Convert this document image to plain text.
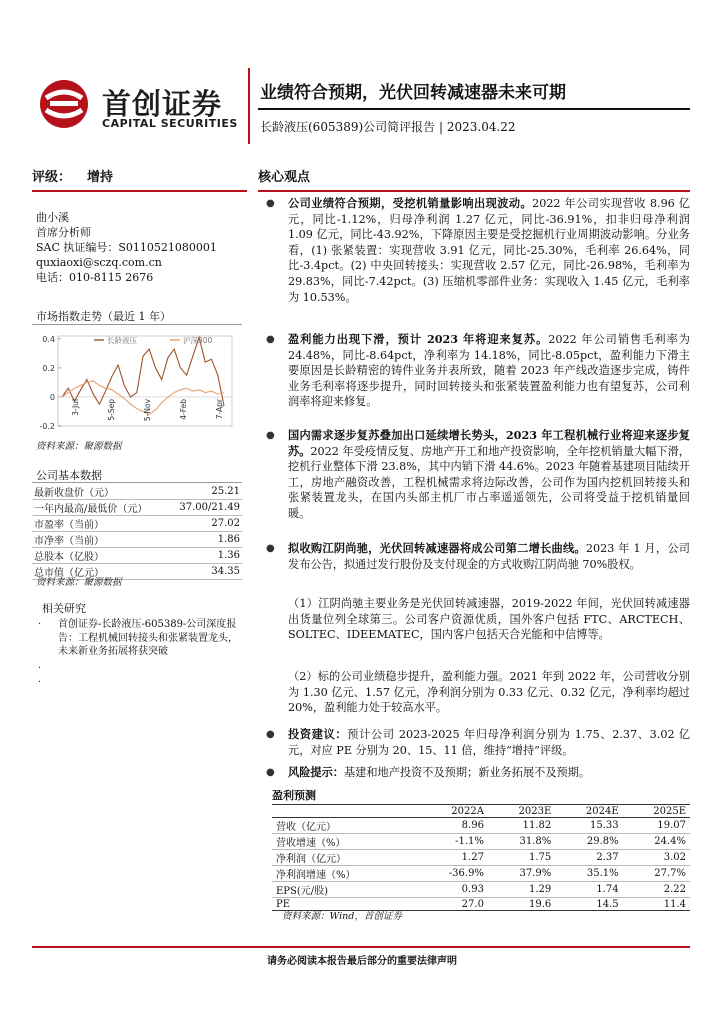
首创证券
CAPITAL SECURITIES
业绩符合预期，光伏回转减速器未来可期
长龄液压(605389)公司简评报告 | 2023.04.22
评级： 增持	核心观点
曲小溪
首席分析师
SAC 执证编号：S0110521080001
quxiaoxi@sczq.com.cn
电话：010-8115 2676
市场指数走势（最近 1 年）
0.4
0.2
0
-0.2
长龄液压	沪深300
3-Jul	5-Sep	5-Nov	4-Feb	7-Apr
资料来源：聚源数据
公司基本数据
最新收盘价（元）	25.21
一年内最高/最低价（元）	37.00/21.49
市盈率（当前）	27.02
市净率（当前）	1.86
总股本（亿股）	1.36
总市值（亿元）	34.35
资料来源：聚源数据
相关研究
· 首创证券-长龄液压-605389-公司深度报告：工程机械回转接头和张紧装置龙头，未来新业务拓展将获突破
·
·
● 公司业绩符合预期，受挖机销量影响出现波动。2022 年公司实现营收 8.96 亿元，同比-1.12%，归母净利润 1.27 亿元，同比-36.91%，扣非归母净利润 1.09 亿元，同比-43.92%，下降原因主要是受挖掘机行业周期波动影响。分业务看，(1) 张紧装置：实现营收 3.91 亿元，同比-25.30%，毛利率 26.64%，同比-3.4pct。(2) 中央回转接头：实现营收 2.57 亿元，同比-26.98%，毛利率为 29.83%，同比-7.42pct。(3) 压缩机零部件业务：实现收入 1.45 亿元，毛利率为 10.53%。
● 盈利能力出现下滑，预计 2023 年将迎来复苏。2022 年公司销售毛利率为 24.48%，同比-8.64pct，净利率为 14.18%，同比-8.05pct，盈利能力下滑主要原因是长龄精密的铸件业务并表所致，随着 2023 年产线改造逐步完成，铸件业务毛利率将逐步提升，同时回转接头和张紧装置盈利能力也有望复苏，公司利润率将迎来修复。
● 国内需求逐步复苏叠加出口延续增长势头，2023 年工程机械行业将迎来逐步复苏。2022 年受疫情反复、房地产开工和地产投资影响，全年挖机销量大幅下滑，挖机行业整体下滑 23.8%，其中内销下滑 44.6%。2023 年随着基建项目陆续开工，房地产融资改善，工程机械需求将边际改善，公司作为国内挖机回转接头和张紧装置龙头，在国内头部主机厂市占率遥遥领先，公司将受益于挖机销量回暖。
● 拟收购江阴尚驰，光伏回转减速器将成公司第二增长曲线。2023 年 1 月，公司发布公告，拟通过发行股份及支付现金的方式收购江阴尚驰 70%股权。
（1）江阴尚驰主要业务是光伏回转减速器，2019-2022 年间，光伏回转减速器出货量位列全球第三。公司客户资源优质，国外客户包括 FTC、ARCTECH、SOLTEC、IDEEMATEC，国内客户包括天合光能和中信博等。
（2）标的公司业绩稳步提升，盈利能力强。2021 年到 2022 年，公司营收分别为 1.30 亿元、1.57 亿元，净利润分别为 0.33 亿元、0.32 亿元，净利率均超过 20%，盈利能力处于较高水平。
● 投资建议：预计公司 2023-2025 年归母净利润分别为 1.75、2.37、3.02 亿元，对应 PE 分别为 20、15、11 倍，维持“增持”评级。
● 风险提示：基建和地产投资不及预期；新业务拓展不及预期。
盈利预测
	2022A	2023E	2024E	2025E
营收（亿元）	8.96	11.82	15.33	19.07
营收增速（%）	-1.1%	31.8%	29.8%	24.4%
净利润（亿元）	1.27	1.75	2.37	3.02
净利润增速（%）	-36.9%	37.9%	35.1%	27.7%
EPS(元/股)	0.93	1.29	1.74	2.22
PE	27.0	19.6	14.5	11.4
资料来源：Wind，首创证券
请务必阅读本报告最后部分的重要法律声明
